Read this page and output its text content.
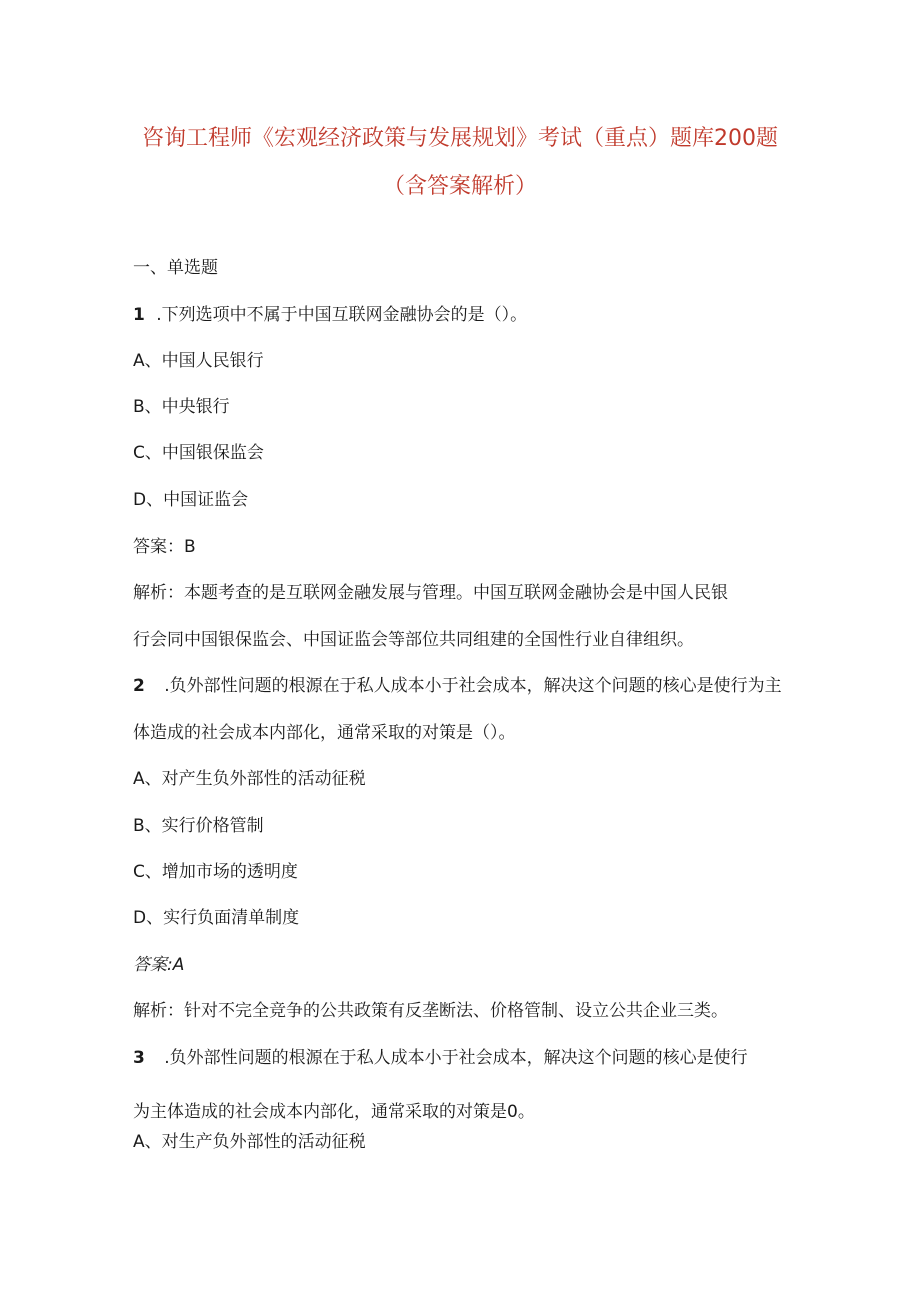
咨询工程师《宏观经济政策与发展规划》考试（重点）题库200题
（含答案解析）
一、单选题
1 .下列选项中不属于中国互联网金融协会的是（）。
A、中国人民银行
B、中央银行
C、中国银保监会
D、中国证监会
答案：B
解析：本题考查的是互联网金融发展与管理。中国互联网金融协会是中国人民银
行会同中国银保监会、中国证监会等部位共同组建的全国性行业自律组织。
2 .负外部性问题的根源在于私人成本小于社会成本，解决这个问题的核心是使行为主
体造成的社会成本内部化，通常采取的对策是（）。
A、对产生负外部性的活动征税
B、实行价格管制
C、增加市场的透明度
D、实行负面清单制度
答案:A
解析：针对不完全竞争的公共政策有反垄断法、价格管制、设立公共企业三类。
3 .负外部性问题的根源在于私人成本小于社会成本，解决这个问题的核心是使行
为主体造成的社会成本内部化，通常采取的对策是0。
A、对生产负外部性的活动征税
